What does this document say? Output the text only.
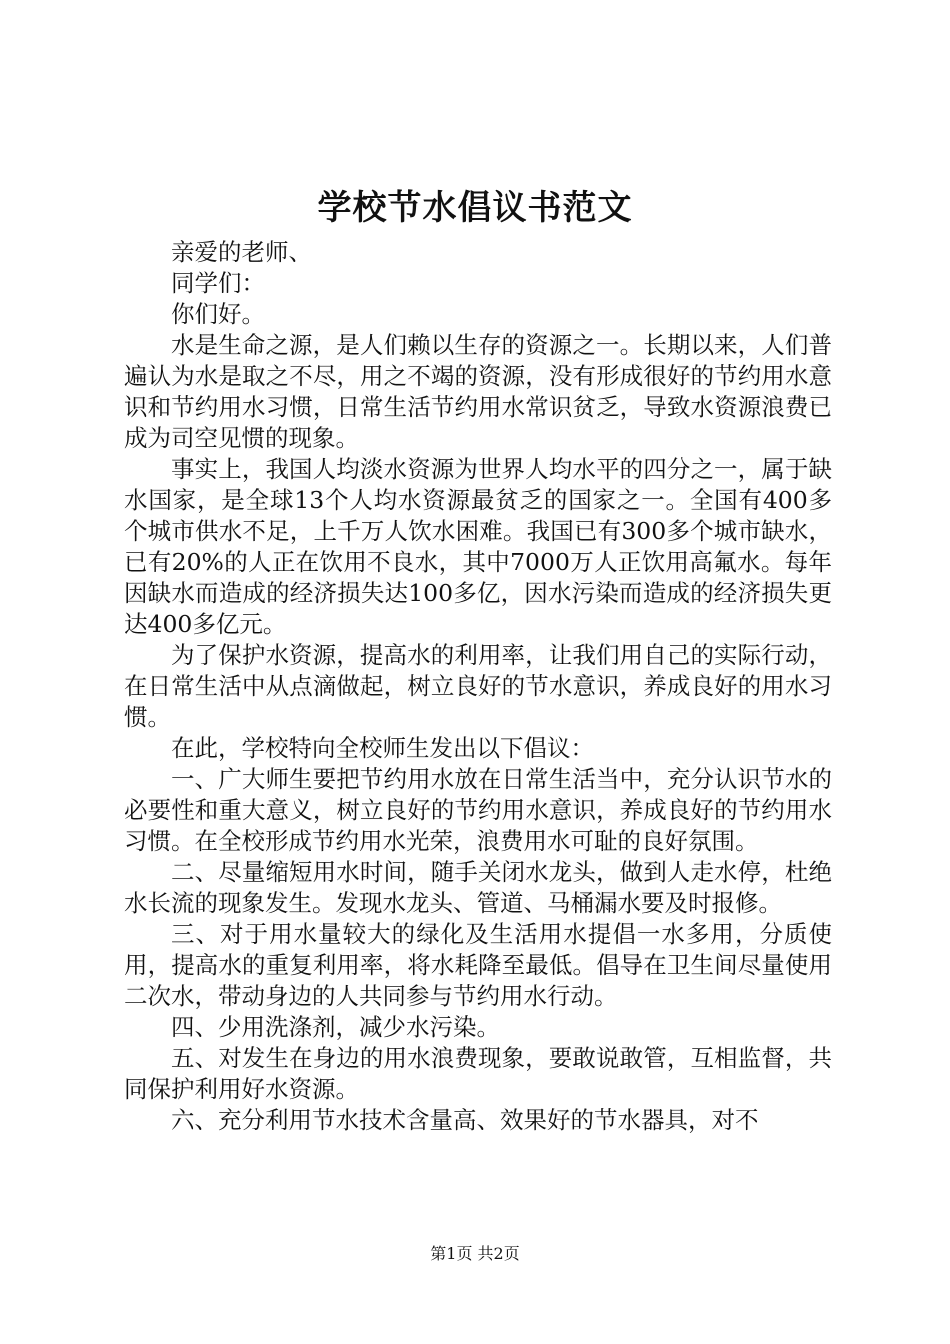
学校节水倡议书范文

亲爱的老师、

同学们：

你们好。

水是生命之源，是人们赖以生存的资源之一。长期以来，人们普遍认为水是取之不尽，用之不竭的资源，没有形成很好的节约用水意识和节约用水习惯，日常生活节约用水常识贫乏，导致水资源浪费已成为司空见惯的现象。

事实上，我国人均淡水资源为世界人均水平的四分之一，属于缺水国家，是全球13个人均水资源最贫乏的国家之一。全国有400多个城市供水不足，上千万人饮水困难。我国已有300多个城市缺水，已有20%的人正在饮用不良水，其中7000万人正饮用高氟水。每年因缺水而造成的经济损失达100多亿，因水污染而造成的经济损失更达400多亿元。

为了保护水资源，提高水的利用率，让我们用自己的实际行动，在日常生活中从点滴做起，树立良好的节水意识，养成良好的用水习惯。

在此，学校特向全校师生发出以下倡议：

一、广大师生要把节约用水放在日常生活当中，充分认识节水的必要性和重大意义，树立良好的节约用水意识，养成良好的节约用水习惯。在全校形成节约用水光荣，浪费用水可耻的良好氛围。

二、尽量缩短用水时间，随手关闭水龙头，做到人走水停，杜绝水长流的现象发生。发现水龙头、管道、马桶漏水要及时报修。

三、对于用水量较大的绿化及生活用水提倡一水多用，分质使用，提高水的重复利用率，将水耗降至最低。倡导在卫生间尽量使用二次水，带动身边的人共同参与节约用水行动。

四、少用洗涤剂，减少水污染。

五、对发生在身边的用水浪费现象，要敢说敢管，互相监督，共同保护利用好水资源。

六、充分利用节水技术含量高、效果好的节水器具，对不

第1页 共2页
